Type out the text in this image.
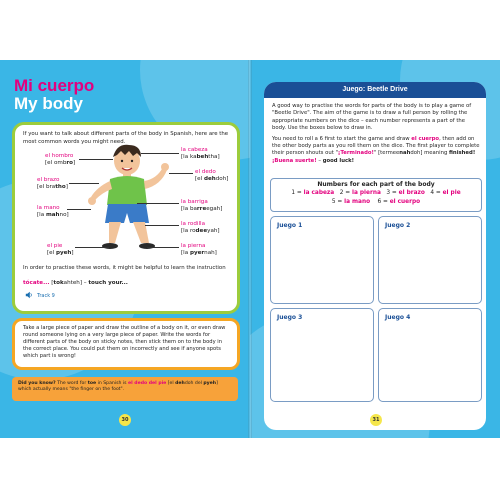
Mi cuerpo
My body
If you want to talk about different parts of the body in Spanish, here are the most common words you might need.
el hombro
[el ombro]
el brazo
[el bratho]
la mano
[la mahno]
el pie
[el pyeh]
la cabeza
[la kabehtha]
el dedo
[el dehdoh]
la barriga
[la barreegah]
la rodilla
[la rodeeyah]
la pierna
[la pyernah]
In order to practise these words, it might be helpful to learn the instruction
tócate... [tokahteh] – touch your...
Track 9
Take a large piece of paper and draw the outline of a body on it, or even draw round someone lying on a very large piece of paper. Write the words for different parts of the body on sticky notes, then stick them on to the body in the correct place. You could put them on incorrectly and see if anyone spots which part is wrong!
Did you know? The word for toe in Spanish is el dedo del pie [el dehdoh del pyeh] which actually means "the finger on the foot".
30
Juego: Beetle Drive
A good way to practise the words for parts of the body is to play a game of "Beetle Drive". The aim of the game is to draw a full person by rolling the appropriate numbers on the dice – each number represents a part of the body. Use the boxes below to draw in.
You need to roll a 6 first to start the game and draw el cuerpo, then add on the other body parts as you roll them on the dice. The first player to complete their person shouts out "¡Terminado!" [termeenahdoh] meaning finished! ¡Buena suerte! – good luck!
Numbers for each part of the body
1 = la cabeza 2 = la pierna 3 = el brazo 4 = el pie
5 = la mano 6 = el cuerpo
Juego 1	Juego 2
Juego 3	Juego 4
31
